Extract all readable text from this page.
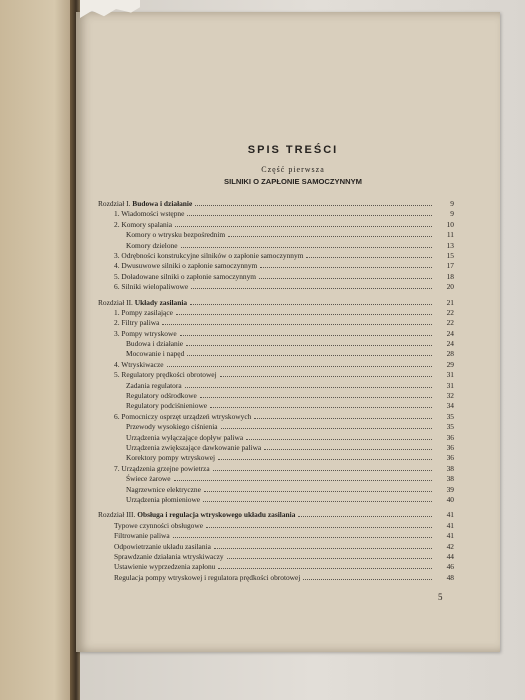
SPIS TREŚCI
Część pierwsza
SILNIKI O ZAPŁONIE SAMOCZYNNYM
Rozdział I. Budowa i działanie	9
1. Wiadomości wstępne	9
2. Komory spalania	10
Komory o wtrysku bezpośrednim	11
Komory dzielone	13
3. Odrębności konstrukcyjne silników o zapłonie samoczynnym	15
4. Dwusuwowe silniki o zapłonie samoczynnym	17
5. Doładowane silniki o zapłonie samoczynnym	18
6. Silniki wielopaliwowe	20
Rozdział II. Układy zasilania	21
1. Pompy zasilające	22
2. Filtry paliwa	22
3. Pompy wtryskowe	24
Budowa i działanie	24
Mocowanie i napęd	28
4. Wtryskiwacze	29
5. Regulatory prędkości obrotowej	31
Zadania regulatora	31
Regulatory odśrodkowe	32
Regulatory podciśnieniowe	34
6. Pomocniczy osprzęt urządzeń wtryskowych	35
Przewody wysokiego ciśnienia	35
Urządzenia wyłączające dopływ paliwa	36
Urządzenia zwiększające dawkowanie paliwa	36
Korektory pompy wtryskowej	36
7. Urządzenia grzejne powietrza	38
Świece żarowe	38
Nagrzewnice elektryczne	39
Urządzenia płomieniowe	40
Rozdział III. Obsługa i regulacja wtryskowego układu zasilania	41
Typowe czynności obsługowe	41
Filtrowanie paliwa	41
Odpowietrzanie układu zasilania	42
Sprawdzanie działania wtryskiwaczy	44
Ustawienie wyprzedzenia zapłonu	46
Regulacja pompy wtryskowej i regulatora prędkości obrotowej	48
5
